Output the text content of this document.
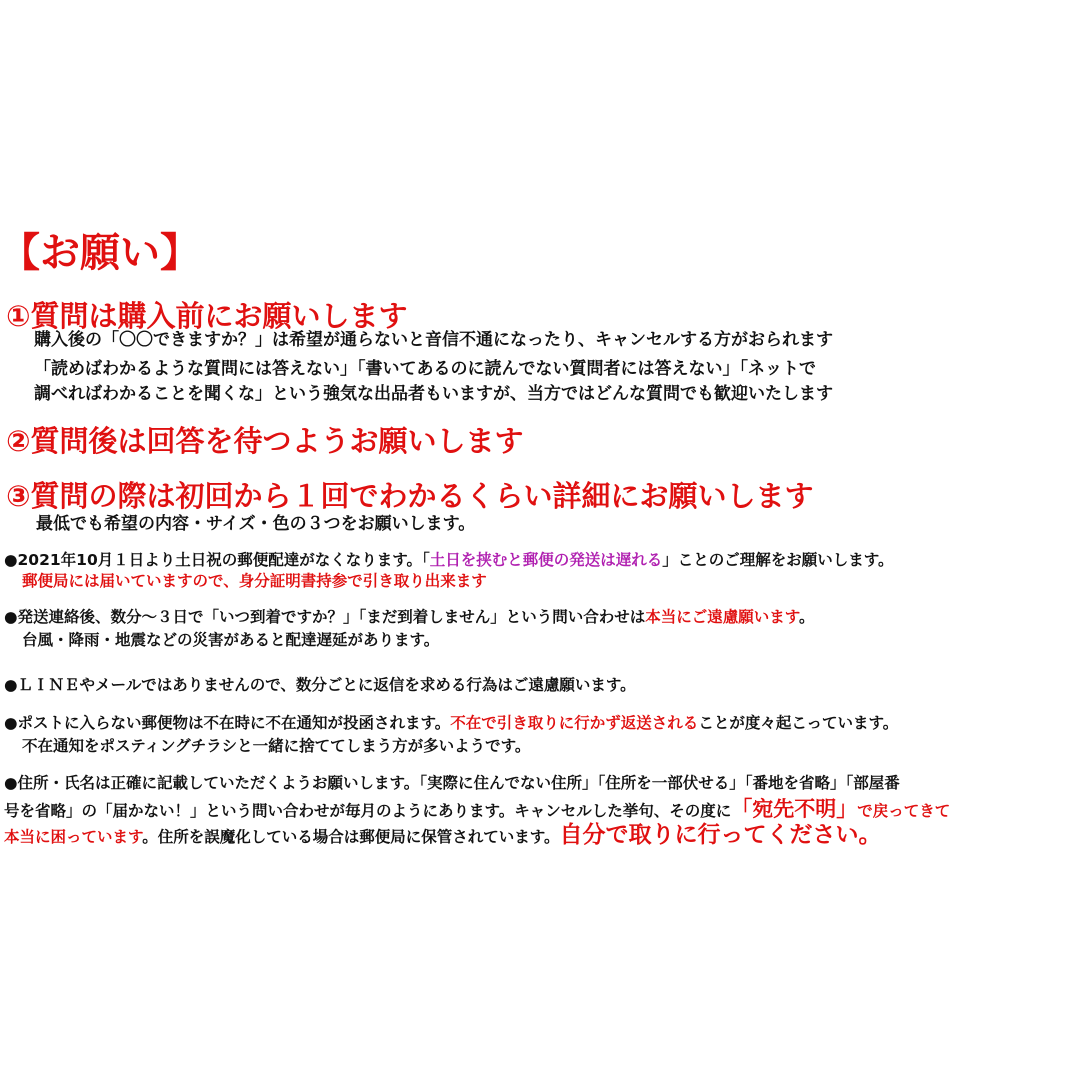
【お願い】
①質問は購入前にお願いします
購入後の「〇〇できますか？」は希望が通らないと音信不通になったり、キャンセルする方がおられます
「読めばわかるような質問には答えない」「書いてあるのに読んでない質問者には答えない」「ネットで
調べればわかることを聞くな」という強気な出品者もいますが、当方ではどんな質問でも歓迎いたします
②質問後は回答を待つようお願いします
③質問の際は初回から１回でわかるくらい詳細にお願いします
最低でも希望の内容・サイズ・色の３つをお願いします。
●2021年10月１日より土日祝の郵便配達がなくなります。「土日を挟むと郵便の発送は遅れる」ことのご理解をお願いします。
郵便局には届いていますので、身分証明書持参で引き取り出来ます
●発送連絡後、数分～３日で「いつ到着ですか？」「まだ到着しません」という問い合わせは本当にご遠慮願います。
台風・降雨・地震などの災害があると配達遅延があります。
●ＬＩＮＥやメールではありませんので、数分ごとに返信を求める行為はご遠慮願います。
●ポストに入らない郵便物は不在時に不在通知が投函されます。不在で引き取りに行かず返送されることが度々起こっています。
不在通知をポスティングチラシと一緒に捨ててしまう方が多いようです。
●住所・氏名は正確に記載していただくようお願いします。「実際に住んでない住所」「住所を一部伏せる」「番地を省略」「部屋番
号を省略」の「届かない！」という問い合わせが毎月のようにあります。キャンセルした挙句、その度に「宛先不明」で戻ってきて
本当に困っています。住所を誤魔化している場合は郵便局に保管されています。自分で取りに行ってください。
